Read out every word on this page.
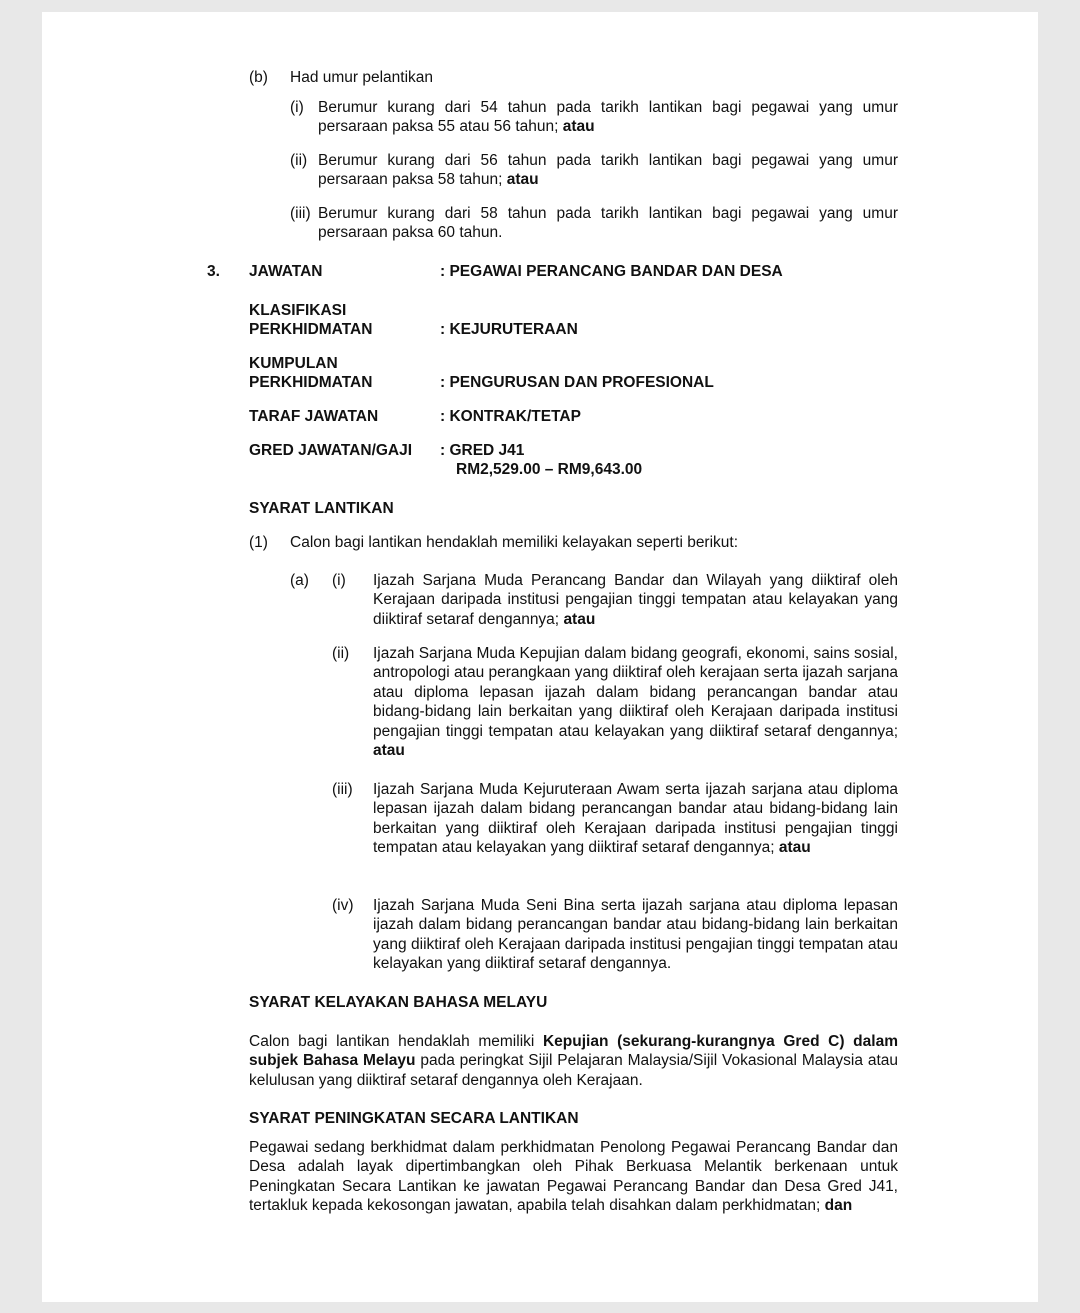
(b) Had umur pelantikan
(i) Berumur kurang dari 54 tahun pada tarikh lantikan bagi pegawai yang umur persaraan paksa 55 atau 56 tahun; atau
(ii) Berumur kurang dari 56 tahun pada tarikh lantikan bagi pegawai yang umur persaraan paksa 58 tahun; atau
(iii) Berumur kurang dari 58 tahun pada tarikh lantikan bagi pegawai yang umur persaraan paksa 60 tahun.
3. JAWATAN	: PEGAWAI PERANCANG BANDAR DAN DESA
KLASIFIKASI
PERKHIDMATAN	: KEJURUTERAAN
KUMPULAN
PERKHIDMATAN	: PENGURUSAN DAN PROFESIONAL
TARAF JAWATAN	: KONTRAK/TETAP
GRED JAWATAN/GAJI : GRED J41
RM2,529.00 – RM9,643.00
SYARAT LANTIKAN
(1) Calon bagi lantikan hendaklah memiliki kelayakan seperti berikut:
(a) (i) Ijazah Sarjana Muda Perancang Bandar dan Wilayah yang diiktiraf oleh Kerajaan daripada institusi pengajian tinggi tempatan atau kelayakan yang diiktiraf setaraf dengannya; atau
(ii) Ijazah Sarjana Muda Kepujian dalam bidang geografi, ekonomi, sains sosial, antropologi atau perangkaan yang diiktiraf oleh kerajaan serta ijazah sarjana atau diploma lepasan ijazah dalam bidang perancangan bandar atau bidang-bidang lain berkaitan yang diiktiraf oleh Kerajaan daripada institusi pengajian tinggi tempatan atau kelayakan yang diiktiraf setaraf dengannya; atau
(iii) Ijazah Sarjana Muda Kejuruteraan Awam serta ijazah sarjana atau diploma lepasan ijazah dalam bidang perancangan bandar atau bidang-bidang lain berkaitan yang diiktiraf oleh Kerajaan daripada institusi pengajian tinggi tempatan atau kelayakan yang diiktiraf setaraf dengannya; atau
(iv) Ijazah Sarjana Muda Seni Bina serta ijazah sarjana atau diploma lepasan ijazah dalam bidang perancangan bandar atau bidang-bidang lain berkaitan yang diiktiraf oleh Kerajaan daripada institusi pengajian tinggi tempatan atau kelayakan yang diiktiraf setaraf dengannya.
SYARAT KELAYAKAN BAHASA MELAYU
Calon bagi lantikan hendaklah memiliki Kepujian (sekurang-kurangnya Gred C) dalam subjek Bahasa Melayu pada peringkat Sijil Pelajaran Malaysia/Sijil Vokasional Malaysia atau kelulusan yang diiktiraf setaraf dengannya oleh Kerajaan.
SYARAT PENINGKATAN SECARA LANTIKAN
Pegawai sedang berkhidmat dalam perkhidmatan Penolong Pegawai Perancang Bandar dan Desa adalah layak dipertimbangkan oleh Pihak Berkuasa Melantik berkenaan untuk Peningkatan Secara Lantikan ke jawatan Pegawai Perancang Bandar dan Desa Gred J41, tertakluk kepada kekosongan jawatan, apabila telah disahkan dalam perkhidmatan; dan
